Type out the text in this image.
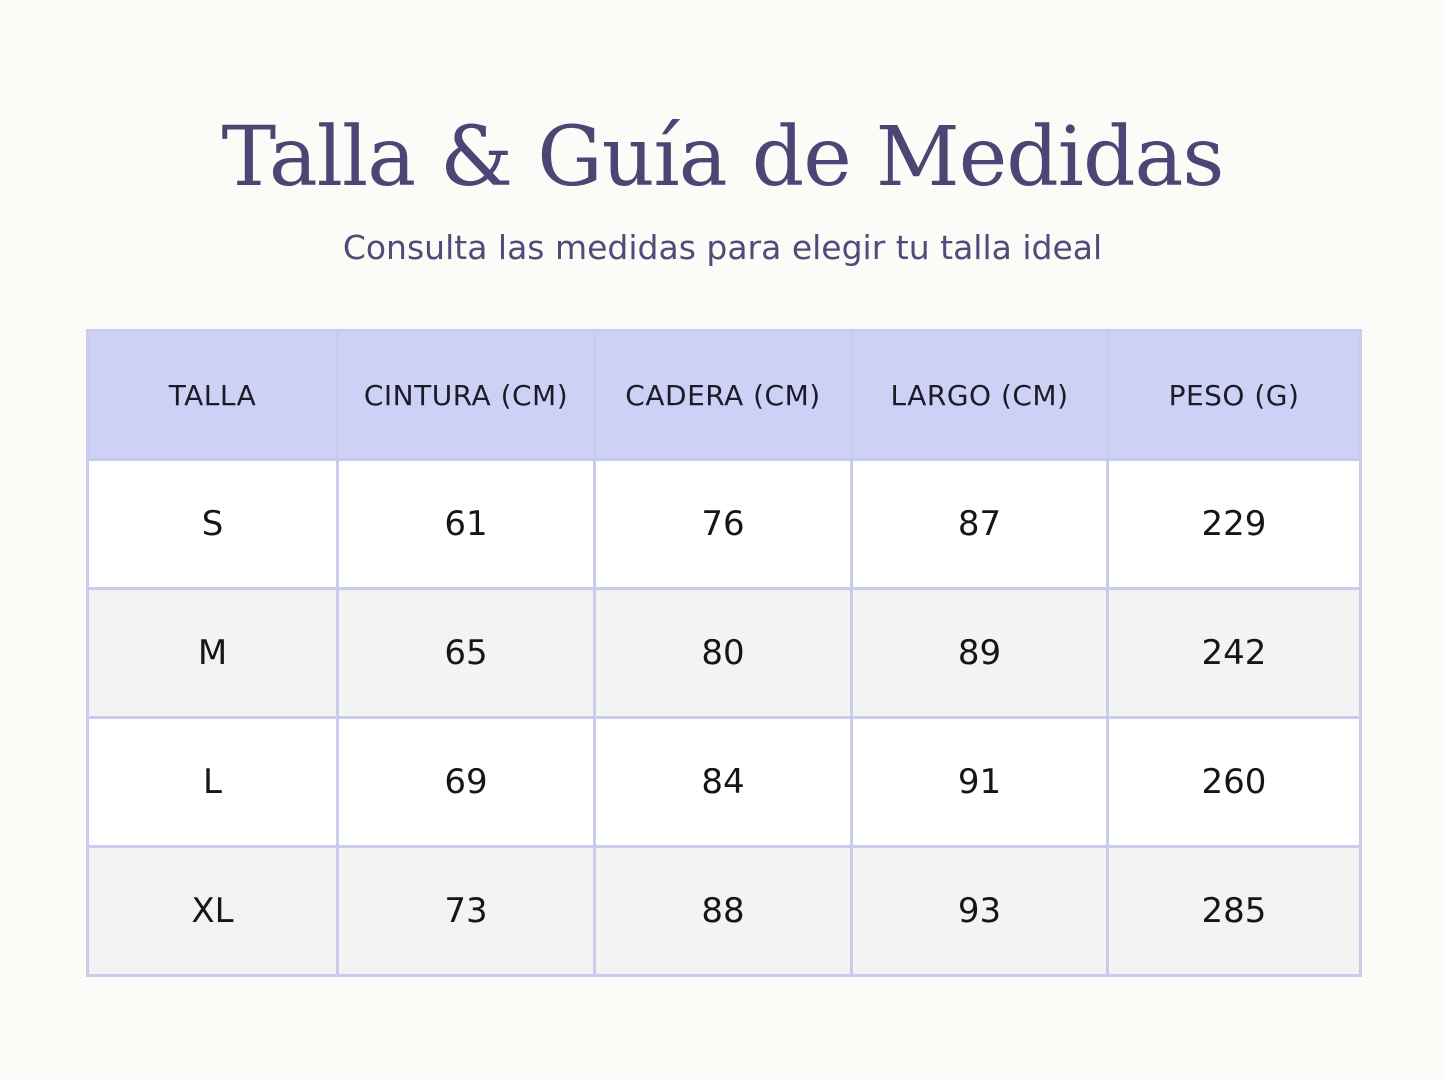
Talla & Guía de Medidas

Consulta las medidas para elegir tu talla ideal

TALLA	CINTURA (CM)	CADERA (CM)	LARGO (CM)	PESO (G)
S	61	76	87	229
M	65	80	89	242
L	69	84	91	260
XL	73	88	93	285
